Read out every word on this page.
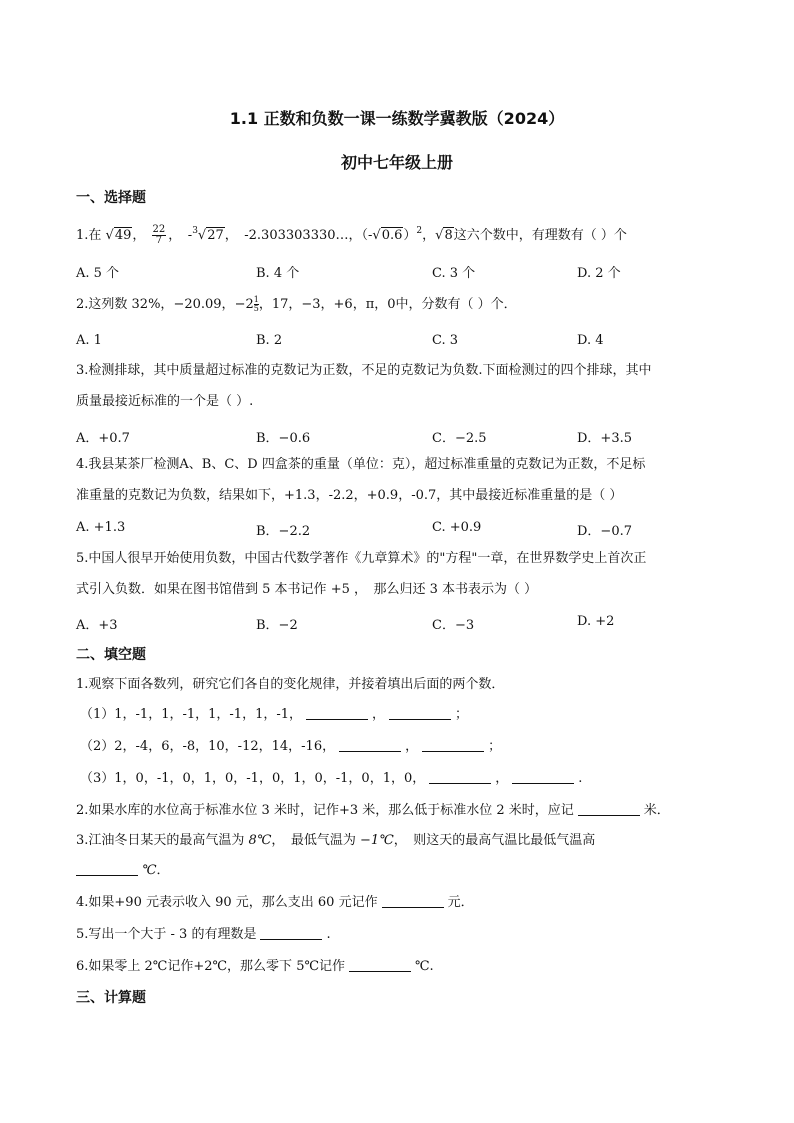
1.1 正数和负数一课一练数学冀教版（2024）
初中七年级上册
一、选择题
1.在 √49， $\frac{22}{7}$ ，　-$^3$√27，　-2.303303330…，$(-√0.6)^2$，√8这六个数中，有理数有（ ）个
A. 5 个	B. 4 个	C. 3 个	D. 2 个
2.这列数 32%，−20.09，$-2 \frac{1}{5}$，17，−3，+6，π，0中，分数有（ ）个．
A. 1	B. 2	C. 3	D. 4
3.检测排球，其中质量超过标准的克数记为正数，不足的克数记为负数.下面检测过的四个排球，其中
质量最接近标准的一个是（ ）.
A．+0.7	B．−0.6	C．−2.5	D．+3.5
4.我县某茶厂检测A、B、C、D 四盒茶的重量（单位：克），超过标准重量的克数记为正数，不足标
准重量的克数记为负数，结果如下，+1.3，-2.2，+0.9，-0.7，其中最接近标准重量的是（ ）
A. +1.3	B．−2.2	C. +0.9	D．−0.7
5.中国人很早开始使用负数，中国古代数学著作《九章算术》的"方程"一章，在世界数学史上首次正
式引入负数．如果在图书馆借到 5 本书记作 +5 ，　那么归还 3 本书表示为（ ）
A．+3	B．−2	C．−3	D. +2
二、填空题
1.观察下面各数列，研究它们各自的变化规律，并接着填出后面的两个数．
（1）1，-1，1，-1，1，-1，1，-1，	，	；
（2）2，-4，6，-8，10，-12，14，-16，	，	；
（3）1，0，-1，0，1，0，-1，0，1，0，-1，0，1，0，	，	.
2.如果水库的水位高于标准水位 3 米时，记作+3 米，那么低于标准水位 2 米时，应记	米．
3.江油冬日某天的最高气温为 8℃，　最低气温为 −1℃，　则这天的最高气温比最低气温高
℃．
4.如果+90 元表示收入 90 元，那么支出 60 元记作	元．
5.写出一个大于 - 3 的有理数是	.
6.如果零上 2℃记作+2℃，那么零下 5℃记作	℃.
三、计算题
